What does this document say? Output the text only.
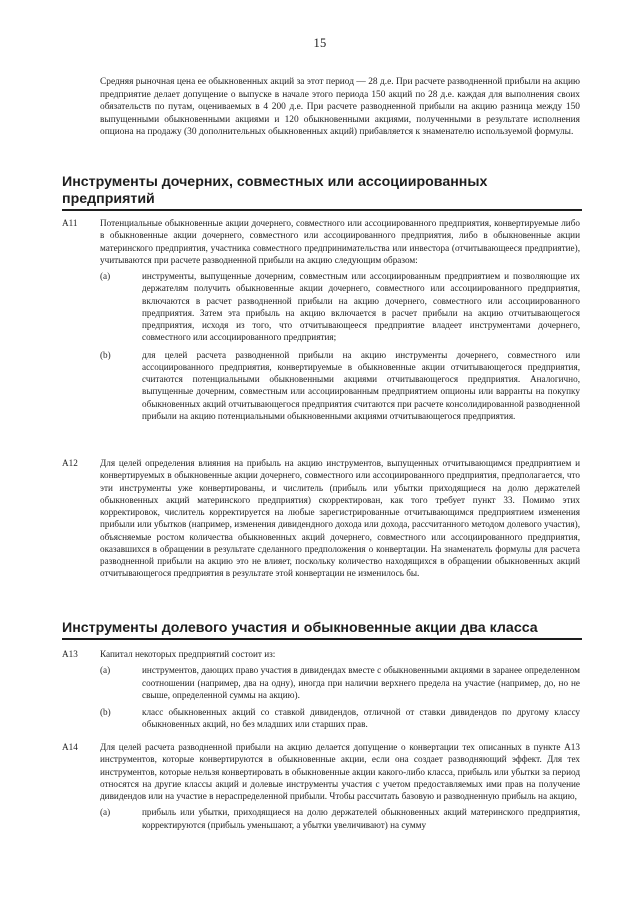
15
Средняя рыночная цена ее обыкновенных акций за этот период — 28 д.е. При расчете разводненной прибыли на акцию предприятие делает допущение о выпуске в начале этого периода 150 акций по 28 д.е. каждая для выполнения своих обязательств по путам, оцениваемых в 4 200 д.е. При расчете разводненной прибыли на акцию разница между 150 выпущенными обыкновенными акциями и 120 обыкновенными акциями, полученными в результате исполнения опциона на продажу (30 дополнительных обыкновенных акций) прибавляется к знаменателю используемой формулы.
Инструменты дочерних, совместных или ассоциированных предприятий
A11 Потенциальные обыкновенные акции дочернего, совместного или ассоциированного предприятия, конвертируемые либо в обыкновенные акции дочернего, совместного или ассоциированного предприятия, либо в обыкновенные акции материнского предприятия, участника совместного предпринимательства или инвестора (отчитывающееся предприятие), учитываются при расчете разводненной прибыли на акцию следующим образом:
(a)	инструменты, выпущенные дочерним, совместным или ассоциированным предприятием и позволяющие их держателям получить обыкновенные акции дочернего, совместного или ассоциированного предприятия, включаются в расчет разводненной прибыли на акцию дочернего, совместного или ассоциированного предприятия. Затем эта прибыль на акцию включается в расчет прибыли на акцию отчитывающегося предприятия, исходя из того, что отчитывающееся предприятие владеет инструментами дочернего, совместного или ассоциированного предприятия;
(b)	для целей расчета разводненной прибыли на акцию инструменты дочернего, совместного или ассоциированного предприятия, конвертируемые в обыкновенные акции отчитывающегося предприятия, считаются потенциальными обыкновенными акциями отчитывающегося предприятия. Аналогично, выпущенные дочерним, совместным или ассоциированным предприятием опционы или варранты на покупку обыкновенных акций отчитывающегося предприятия считаются при расчете консолидированной разводненной прибыли на акцию потенциальными обыкновенными акциями отчитывающегося предприятия.
A12 Для целей определения влияния на прибыль на акцию инструментов, выпущенных отчитывающимся предприятием и конвертируемых в обыкновенные акции дочернего, совместного или ассоциированного предприятия, предполагается, что эти инструменты уже конвертированы, и числитель (прибыль или убытки приходящиеся на долю держателей обыкновенных акций материнского предприятия) скорректирован, как того требует пункт 33. Помимо этих корректировок, числитель корректируется на любые зарегистрированные отчитывающимся предприятием изменения прибыли или убытков (например, изменения дивидендного дохода или дохода, рассчитанного методом долевого участия), объясняемые ростом количества обыкновенных акций дочернего, совместного или ассоциированного предприятия, оказавшихся в обращении в результате сделанного предположения о конвертации. На знаменатель формулы для расчета разводненной прибыли на акцию это не влияет, поскольку количество находящихся в обращении обыкновенных акций отчитывающегося предприятия в результате этой конвертации не изменилось бы.
Инструменты долевого участия и обыкновенные акции два класса
A13 Капитал некоторых предприятий состоит из:
(a)	инструментов, дающих право участия в дивидендах вместе с обыкновенными акциями в заранее определенном соотношении (например, два на одну), иногда при наличии верхнего предела на участие (например, до, но не свыше, определенной суммы на акцию).
(b)	класс обыкновенных акций со ставкой дивидендов, отличной от ставки дивидендов по другому классу обыкновенных акций, но без младших или старших прав.
A14 Для целей расчета разводненной прибыли на акцию делается допущение о конвертации тех описанных в пункте A13 инструментов, которые конвертируются в обыкновенные акции, если она создает разводняющий эффект. Для тех инструментов, которые нельзя конвертировать в обыкновенные акции какого-либо класса, прибыль или убытки за период относятся на другие классы акций и долевые инструменты участия с учетом предоставляемых ими прав на получение дивидендов или на участие в нераспределенной прибыли. Чтобы рассчитать базовую и разводненную прибыль на акцию,
(a)	прибыль или убытки, приходящиеся на долю держателей обыкновенных акций материнского предприятия, корректируются (прибыль уменьшают, а убытки увеличивают) на сумму
